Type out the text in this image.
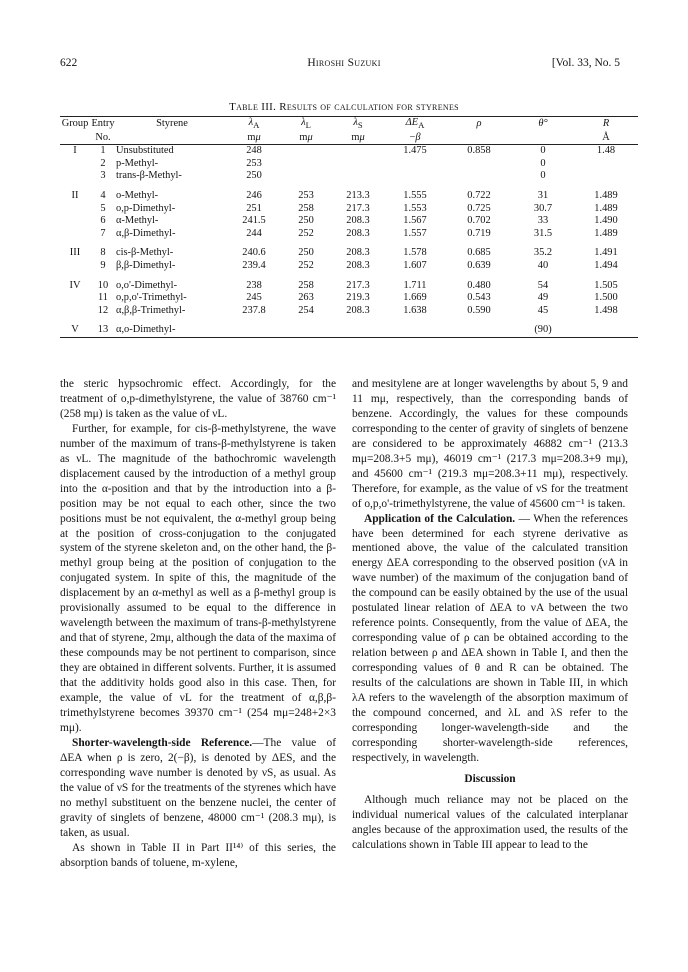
622	Hiroshi Suzuki	[Vol. 33, No. 5
Table III. Results of calculation for styrenes
Group	Entry	Styrene	$\lambda_A$	$\lambda_L$	$\lambda_S$	$\Delta E_A$	ρ	θ°	R
	No.		mμ	mμ	mμ	−β			Å
I	1	Unsubstituted	248			1.475	0.858	0	1.48
	2	p-Methyl-	253					0	
	3	trans-β-Methyl-	250					0	
II	4	o-Methyl-	246	253	213.3	1.555	0.722	31	1.489
	5	o,p-Dimethyl-	251	258	217.3	1.553	0.725	30.7	1.489
	6	α-Methyl-	241.5	250	208.3	1.567	0.702	33	1.490
	7	α,β-Dimethyl-	244	252	208.3	1.557	0.719	31.5	1.489
III	8	cis-β-Methyl-	240.6	250	208.3	1.578	0.685	35.2	1.491
	9	β,β-Dimethyl-	239.4	252	208.3	1.607	0.639	40	1.494
IV	10	o,o'-Dimethyl-	238	258	217.3	1.711	0.480	54	1.505
	11	o,p,o'-Trimethyl-	245	263	219.3	1.669	0.543	49	1.500
	12	α,β,β-Trimethyl-	237.8	254	208.3	1.638	0.590	45	1.498
V	13	α,o-Dimethyl-						(90)	

the steric hypsochromic effect. Accordingly, for the treatment of o,p-dimethylstyrene, the value of 38760 cm⁻¹ (258 mμ) is taken as the value of νL.

Further, for example, for cis-β-methylstyrene, the wave number of the maximum of trans-β-methylstyrene is taken as νL. The magnitude of the bathochromic wavelength displacement caused by the introduction of a methyl group into the α-position and that by the introduction into a β-position may be not equal to each other, since the two positions must be not equivalent, the α-methyl group being at the position of cross-conjugation to the conjugated system of the styrene skeleton and, on the other hand, the β-methyl group being at the position of conjugation to the conjugated system. In spite of this, the magnitude of the displacement by an α-methyl as well as a β-methyl group is provisionally assumed to be equal to the difference in wavelength between the maximum of trans-β-methylstyrene and that of styrene, 2mμ, although the data of the maxima of these compounds may be not pertinent to comparison, since they are obtained in different solvents. Further, it is assumed that the additivity holds good also in this case. Then, for example, the value of νL for the treatment of α,β,β-trimethylstyrene becomes 39370 cm⁻¹ (254 mμ=248+2×3 mμ).

Shorter-wavelength-side Reference.—The value of ΔEA when ρ is zero, 2(−β), is denoted by ΔES, and the corresponding wave number is denoted by νS, as usual. As the value of νS for the treatments of the styrenes which have no methyl substituent on the benzene nuclei, the center of gravity of singlets of benzene, 48000 cm⁻¹ (208.3 mμ), is taken, as usual.

As shown in Table II in Part II¹⁴⁾ of this series, the absorption bands of toluene, m-xylene,

and mesitylene are at longer wavelengths by about 5, 9 and 11 mμ, respectively, than the corresponding bands of benzene. Accordingly, the values for these compounds corresponding to the center of gravity of singlets of benzene are considered to be approximately 46882 cm⁻¹ (213.3 mμ=208.3+5 mμ), 46019 cm⁻¹ (217.3 mμ=208.3+9 mμ), and 45600 cm⁻¹ (219.3 mμ=208.3+11 mμ), respectively. Therefore, for example, as the value of νS for the treatment of o,p,o'-trimethylstyrene, the value of 45600 cm⁻¹ is taken.

Application of the Calculation. — When the references have been determined for each styrene derivative as mentioned above, the value of the calculated transition energy ΔEA corresponding to the observed position (νA in wave number) of the maximum of the conjugation band of the compound can be easily obtained by the use of the usual postulated linear relation of ΔEA to νA between the two reference points. Consequently, from the value of ΔEA, the corresponding value of ρ can be obtained according to the relation between ρ and ΔEA shown in Table I, and then the corresponding values of θ and R can be obtained. The results of the calculations are shown in Table III, in which λA refers to the wavelength of the absorption maximum of the compound concerned, and λL and λS refer to the corresponding longer-wavelength-side and the corresponding shorter-wavelength-side references, respectively, in wavelength.

Discussion

Although much reliance may not be placed on the individual numerical values of the calculated interplanar angles because of the approximation used, the results of the calculations shown in Table III appear to lead to the
